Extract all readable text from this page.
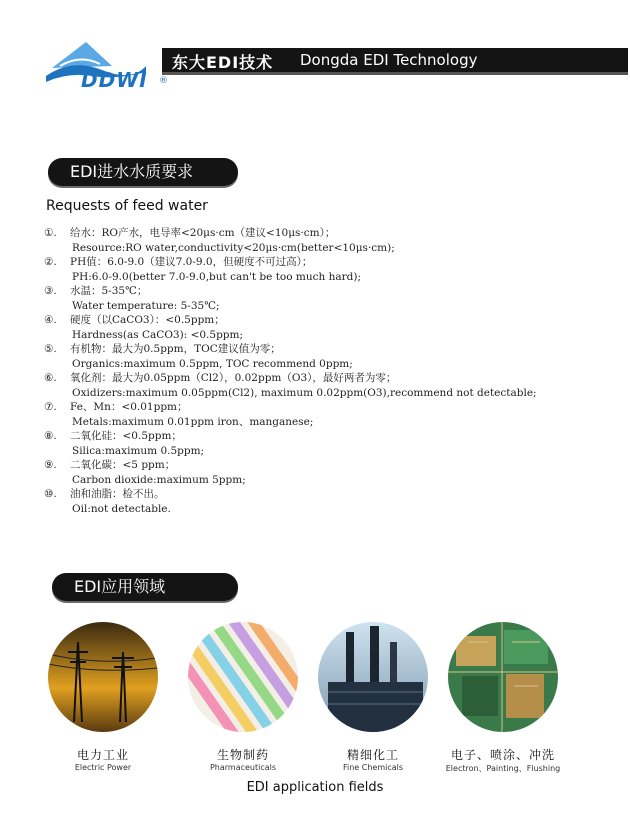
DDWI ®
东大EDI技术 Dongda EDI Technology
EDI进水水质要求
Requests of feed water
①. 给水：RO产水，电导率<20μs·cm（建议<10μs·cm）；
Resource:RO water,conductivity<20μs·cm(better<10μs·cm);
②. PH值：6.0-9.0（建议7.0-9.0，但硬度不可过高）；
PH:6.0-9.0(better 7.0-9.0,but can't be too much hard);
③. 水温：5-35℃；
Water temperature: 5-35℃;
④. 硬度（以CaCO3）：<0.5ppm；
Hardness(as CaCO3): <0.5ppm;
⑤. 有机物：最大为0.5ppm，TOC建议值为零；
Organics:maximum 0.5ppm, TOC recommend 0ppm;
⑥. 氧化剂：最大为0.05ppm（Cl2），0.02ppm（O3），最好两者为零；
Oxidizers:maximum 0.05ppm(Cl2), maximum 0.02ppm(O3),recommend not detectable;
⑦. Fe、Mn：<0.01ppm；
Metals:maximum 0.01ppm iron、manganese;
⑧. 二氧化硅：<0.5ppm；
Silica:maximum 0.5ppm;
⑨. 二氧化碳：<5 ppm；
Carbon dioxide:maximum 5ppm;
⑩. 油和油脂：检不出。
Oil:not detectable.
EDI应用领域
电力工业
Electric Power
生物制药
Pharmaceuticals
精细化工
Fine Chemicals
电子、喷涂、冲洗
Electron、Painting、Flushing
EDI application fields
